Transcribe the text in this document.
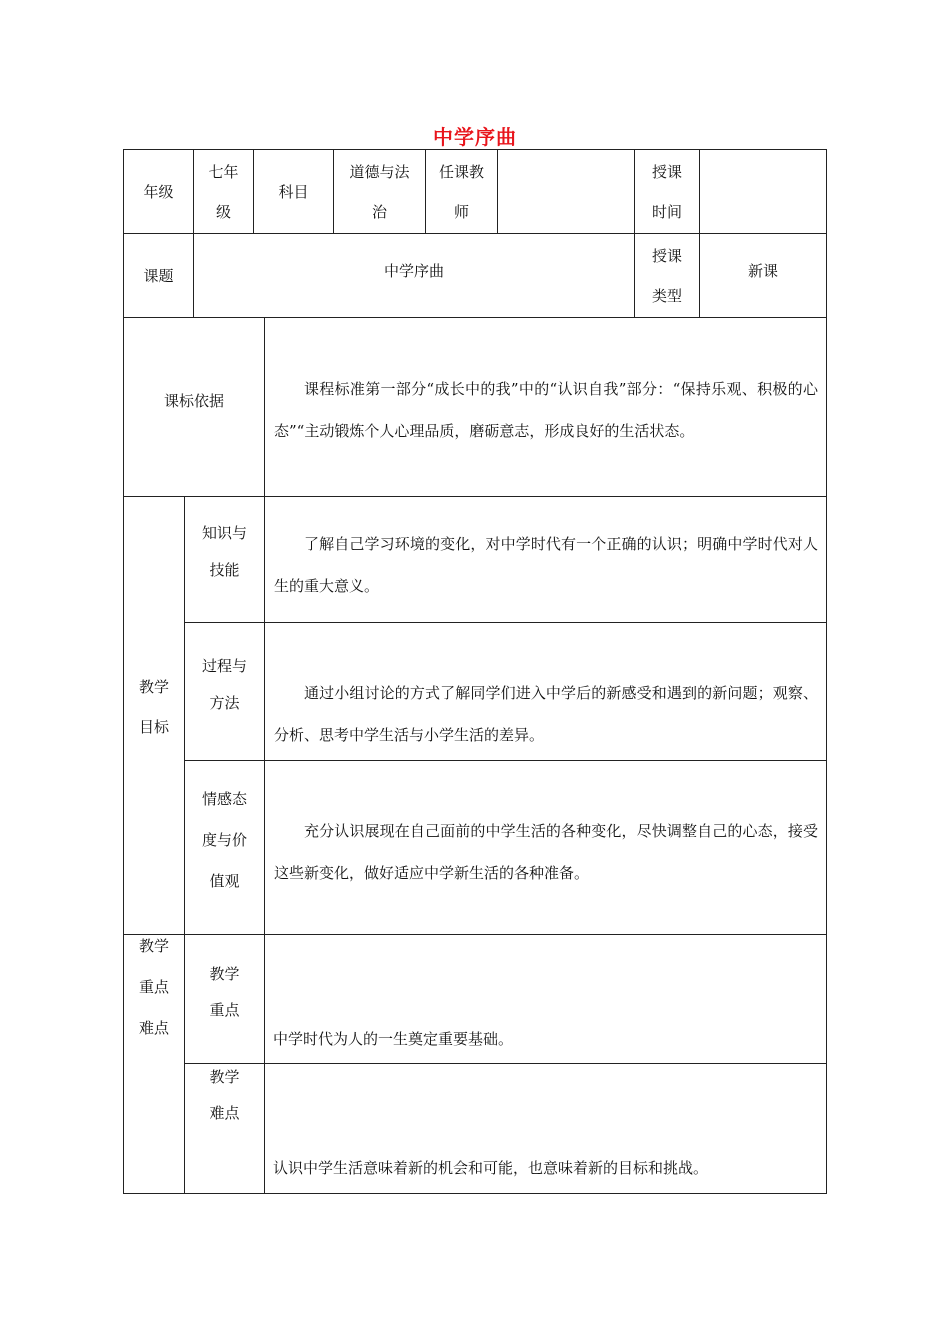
中学序曲
年级
七年
级
科目
道德与法
治
任课教
师
授课
时间
课题	中学序曲
授课
类型
新课
课标依据
课程标准第一部分“成长中的我”中的“认识自我”部分：“保持乐观、积极的心态”“主动锻炼个人心理品质，磨砺意志，形成良好的生活状态。
教学
目标
知识与
技能
了解自己学习环境的变化，对中学时代有一个正确的认识；明确中学时代对人生的重大意义。
过程与
方法
通过小组讨论的方式了解同学们进入中学后的新感受和遇到的新问题；观察、分析、思考中学生活与小学生活的差异。
情感态
度与价
值观
充分认识展现在自己面前的中学生活的各种变化，尽快调整自己的心态，接受这些新变化，做好适应中学新生活的各种准备。
教学
重点
难点
教学
重点
中学时代为人的一生奠定重要基础。
教学
难点
认识中学生活意味着新的机会和可能，也意味着新的目标和挑战。
